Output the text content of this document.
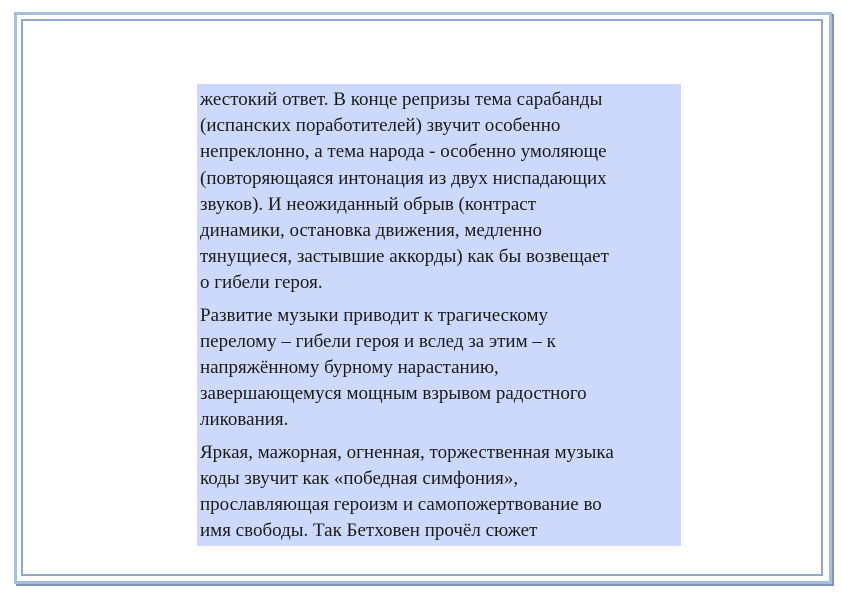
жестокий ответ. В конце репризы тема сарабанды
(испанских поработителей) звучит особенно
непреклонно, а тема народа - особенно умоляюще
(повторяющаяся интонация из двух ниспадающих
звуков). И неожиданный обрыв (контраст
динамики, остановка движения, медленно
тянущиеся, застывшие аккорды) как бы возвещает
о гибели героя.

Развитие музыки приводит к трагическому
перелому – гибели героя и вслед за этим – к
напряжённому бурному нарастанию,
завершающемуся мощным взрывом радостного
ликования.

Яркая, мажорная, огненная, торжественная музыка
коды звучит как «победная симфония»,
прославляющая героизм и самопожертвование во
имя свободы. Так Бетховен прочёл сюжет
